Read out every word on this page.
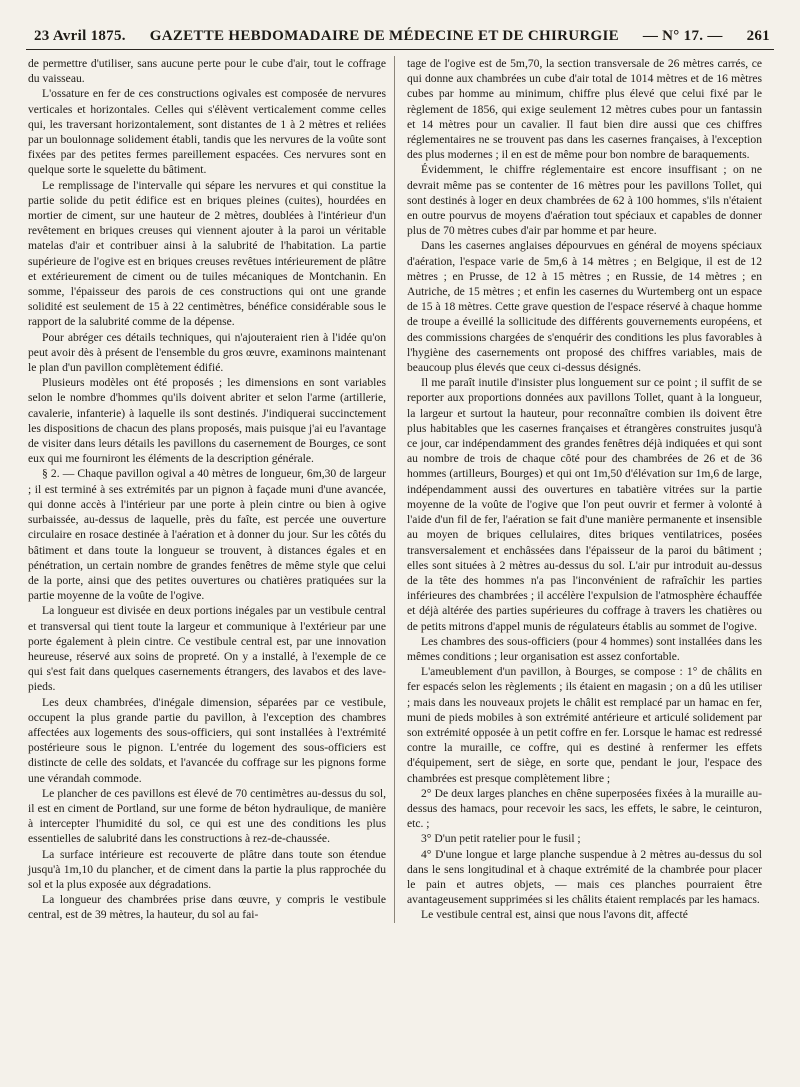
23 Avril 1875. GAZETTE HEBDOMADAIRE DE MÉDECINE ET DE CHIRURGIE — N° 17. — 261

de permettre d'utiliser, sans aucune perte pour le cube d'air, tout le coffrage du vaisseau.

L'ossature en fer de ces constructions ogivales est composée de nervures verticales et horizontales. Celles qui s'élèvent verticalement comme celles qui, les traversant horizontalement, sont distantes de 1 à 2 mètres et reliées par un boulonnage solidement établi, tandis que les nervures de la voûte sont fixées par des petites fermes pareillement espacées. Ces nervures sont en quelque sorte le squelette du bâtiment.

Le remplissage de l'intervalle qui sépare les nervures et qui constitue la partie solide du petit édifice est en briques pleines (cuites), hourdées en mortier de ciment, sur une hauteur de 2 mètres, doublées à l'intérieur d'un revêtement en briques creuses qui viennent ajouter à la paroi un véritable matelas d'air et contribuer ainsi à la salubrité de l'habitation. La partie supérieure de l'ogive est en briques creuses revêtues intérieurement de plâtre et extérieurement de ciment ou de tuiles mécaniques de Montchanin. En somme, l'épaisseur des parois de ces constructions qui ont une grande solidité est seulement de 15 à 22 centimètres, bénéfice considérable sous le rapport de la salubrité comme de la dépense.

Pour abréger ces détails techniques, qui n'ajouteraient rien à l'idée qu'on peut avoir dès à présent de l'ensemble du gros œuvre, examinons maintenant le plan d'un pavillon complètement édifié.

Plusieurs modèles ont été proposés ; les dimensions en sont variables selon le nombre d'hommes qu'ils doivent abriter et selon l'arme (artillerie, cavalerie, infanterie) à laquelle ils sont destinés. J'indiquerai succinctement les dispositions de chacun des plans proposés, mais puisque j'ai eu l'avantage de visiter dans leurs détails les pavillons du casernement de Bourges, ce sont eux qui me fourniront les éléments de la description générale.

§ 2. — Chaque pavillon ogival a 40 mètres de longueur, 6m,30 de largeur ; il est terminé à ses extrémités par un pignon à façade muni d'une avancée, qui donne accès à l'intérieur par une porte à plein cintre ou bien à ogive surbaissée, au-dessus de laquelle, près du faîte, est percée une ouverture circulaire en rosace destinée à l'aération et à donner du jour. Sur les côtés du bâtiment et dans toute la longueur se trouvent, à distances égales et en pénétration, un certain nombre de grandes fenêtres de même style que celui de la porte, ainsi que des petites ouvertures ou chatières pratiquées sur la partie moyenne de la voûte de l'ogive.

La longueur est divisée en deux portions inégales par un vestibule central et transversal qui tient toute la largeur et communique à l'extérieur par une porte également à plein cintre. Ce vestibule central est, par une innovation heureuse, réservé aux soins de propreté. On y a installé, à l'exemple de ce qui s'est fait dans quelques casernements étrangers, des lavabos et des lave-pieds.

Les deux chambrées, d'inégale dimension, séparées par ce vestibule, occupent la plus grande partie du pavillon, à l'exception des chambres affectées aux logements des sous-officiers, qui sont installées à l'extrémité postérieure sous le pignon. L'entrée du logement des sous-officiers est distincte de celle des soldats, et l'avancée du coffrage sur les pignons forme une vérandah commode.

Le plancher de ces pavillons est élevé de 70 centimètres au-dessus du sol, il est en ciment de Portland, sur une forme de béton hydraulique, de manière à intercepter l'humidité du sol, ce qui est une des conditions les plus essentielles de salubrité dans les constructions à rez-de-chaussée.

La surface intérieure est recouverte de plâtre dans toute son étendue jusqu'à 1m,10 du plancher, et de ciment dans la partie la plus rapprochée du sol et la plus exposée aux dégradations.

La longueur des chambrées prise dans œuvre, y compris le vestibule central, est de 39 mètres, la hauteur, du sol au fai-

tage de l'ogive est de 5m,70, la section transversale de 26 mètres carrés, ce qui donne aux chambrées un cube d'air total de 1014 mètres et de 16 mètres cubes par homme au minimum, chiffre plus élevé que celui fixé par le règlement de 1856, qui exige seulement 12 mètres cubes pour un fantassin et 14 mètres pour un cavalier. Il faut bien dire aussi que ces chiffres réglementaires ne se trouvent pas dans les casernes françaises, à l'exception des plus modernes ; il en est de même pour bon nombre de baraquements.

Évidemment, le chiffre réglementaire est encore insuffisant ; on ne devrait même pas se contenter de 16 mètres pour les pavillons Tollet, qui sont destinés à loger en deux chambrées de 62 à 100 hommes, s'ils n'étaient en outre pourvus de moyens d'aération tout spéciaux et capables de donner plus de 70 mètres cubes d'air par homme et par heure.

Dans les casernes anglaises dépourvues en général de moyens spéciaux d'aération, l'espace varie de 5m,6 à 14 mètres ; en Belgique, il est de 12 mètres ; en Prusse, de 12 à 15 mètres ; en Russie, de 14 mètres ; en Autriche, de 15 mètres ; et enfin les casernes du Wurtemberg ont un espace de 15 à 18 mètres. Cette grave question de l'espace réservé à chaque homme de troupe a éveillé la sollicitude des différents gouvernements européens, et des commissions chargées de s'enquérir des conditions les plus favorables à l'hygiène des casernements ont proposé des chiffres variables, mais de beaucoup plus élevés que ceux ci-dessus désignés.

Il me paraît inutile d'insister plus longuement sur ce point ; il suffit de se reporter aux proportions données aux pavillons Tollet, quant à la longueur, la largeur et surtout la hauteur, pour reconnaître combien ils doivent être plus habitables que les casernes françaises et étrangères construites jusqu'à ce jour, car indépendamment des grandes fenêtres déjà indiquées et qui sont au nombre de trois de chaque côté pour des chambrées de 26 et de 36 hommes (artilleurs, Bourges) et qui ont 1m,50 d'élévation sur 1m,6 de large, indépendamment aussi des ouvertures en tabatière vitrées sur la partie moyenne de la voûte de l'ogive que l'on peut ouvrir et fermer à volonté à l'aide d'un fil de fer, l'aération se fait d'une manière permanente et insensible au moyen de briques cellulaires, dites briques ventilatrices, posées transversalement et enchâssées dans l'épaisseur de la paroi du bâtiment ; elles sont situées à 2 mètres au-dessus du sol. L'air pur introduit au-dessus de la tête des hommes n'a pas l'inconvénient de rafraîchir les parties inférieures des chambrées ; il accélère l'expulsion de l'atmosphère échauffée et déjà altérée des parties supérieures du coffrage à travers les chatières ou de petits mitrons d'appel munis de régulateurs établis au sommet de l'ogive.

Les chambres des sous-officiers (pour 4 hommes) sont installées dans les mêmes conditions ; leur organisation est assez confortable.

L'ameublement d'un pavillon, à Bourges, se compose : 1° de châlits en fer espacés selon les règlements ; ils étaient en magasin ; on a dû les utiliser ; mais dans les nouveaux projets le châlit est remplacé par un hamac en fer, muni de pieds mobiles à son extrémité antérieure et articulé solidement par son extrémité opposée à un petit coffre en fer. Lorsque le hamac est redressé contre la muraille, ce coffre, qui es destiné à renfermer les effets d'équipement, sert de siège, en sorte que, pendant le jour, l'espace des chambrées est presque complètement libre ;

2° De deux larges planches en chêne superposées fixées à la muraille au-dessus des hamacs, pour recevoir les sacs, les effets, le sabre, le ceinturon, etc. ;

3° D'un petit ratelier pour le fusil ;

4° D'une longue et large planche suspendue à 2 mètres au-dessus du sol dans le sens longitudinal et à chaque extrémité de la chambrée pour placer le pain et autres objets, — mais ces planches pourraient être avantageusement supprimées si les châlits étaient remplacés par les hamacs.

Le vestibule central est, ainsi que nous l'avons dit, affecté
